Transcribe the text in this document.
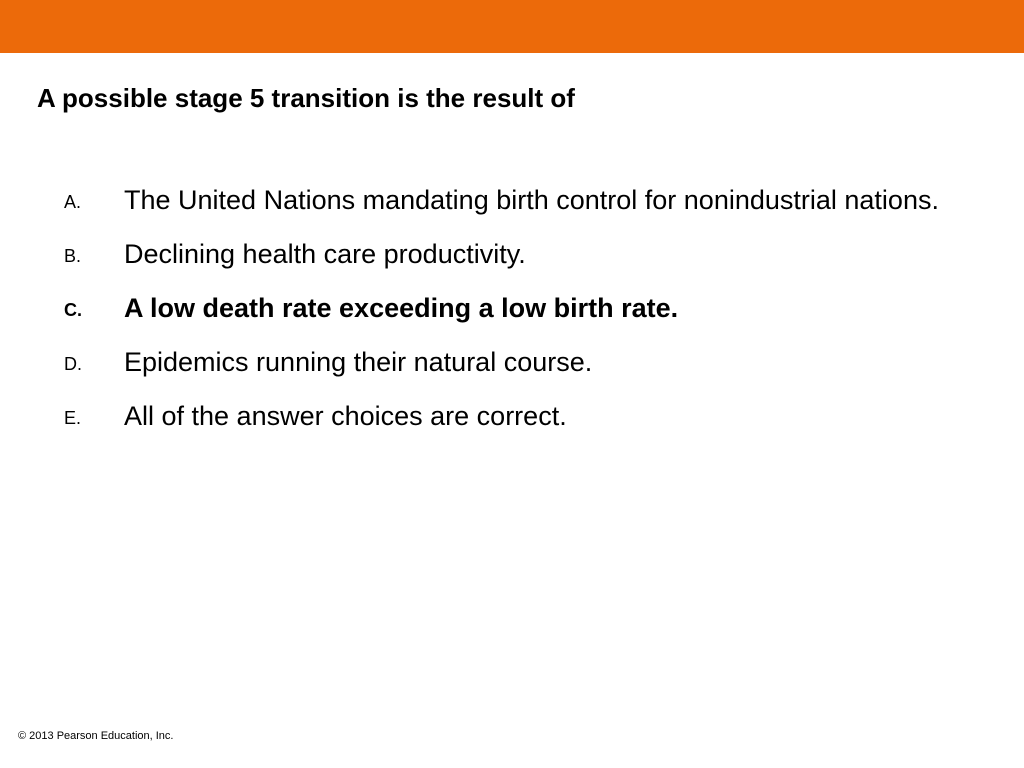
A possible stage 5 transition is the result of
A. The United Nations mandating birth control for nonindustrial nations.
B. Declining health care productivity.
C. A low death rate exceeding a low birth rate.
D. Epidemics running their natural course.
E. All of the answer choices are correct.
© 2013 Pearson Education, Inc.
